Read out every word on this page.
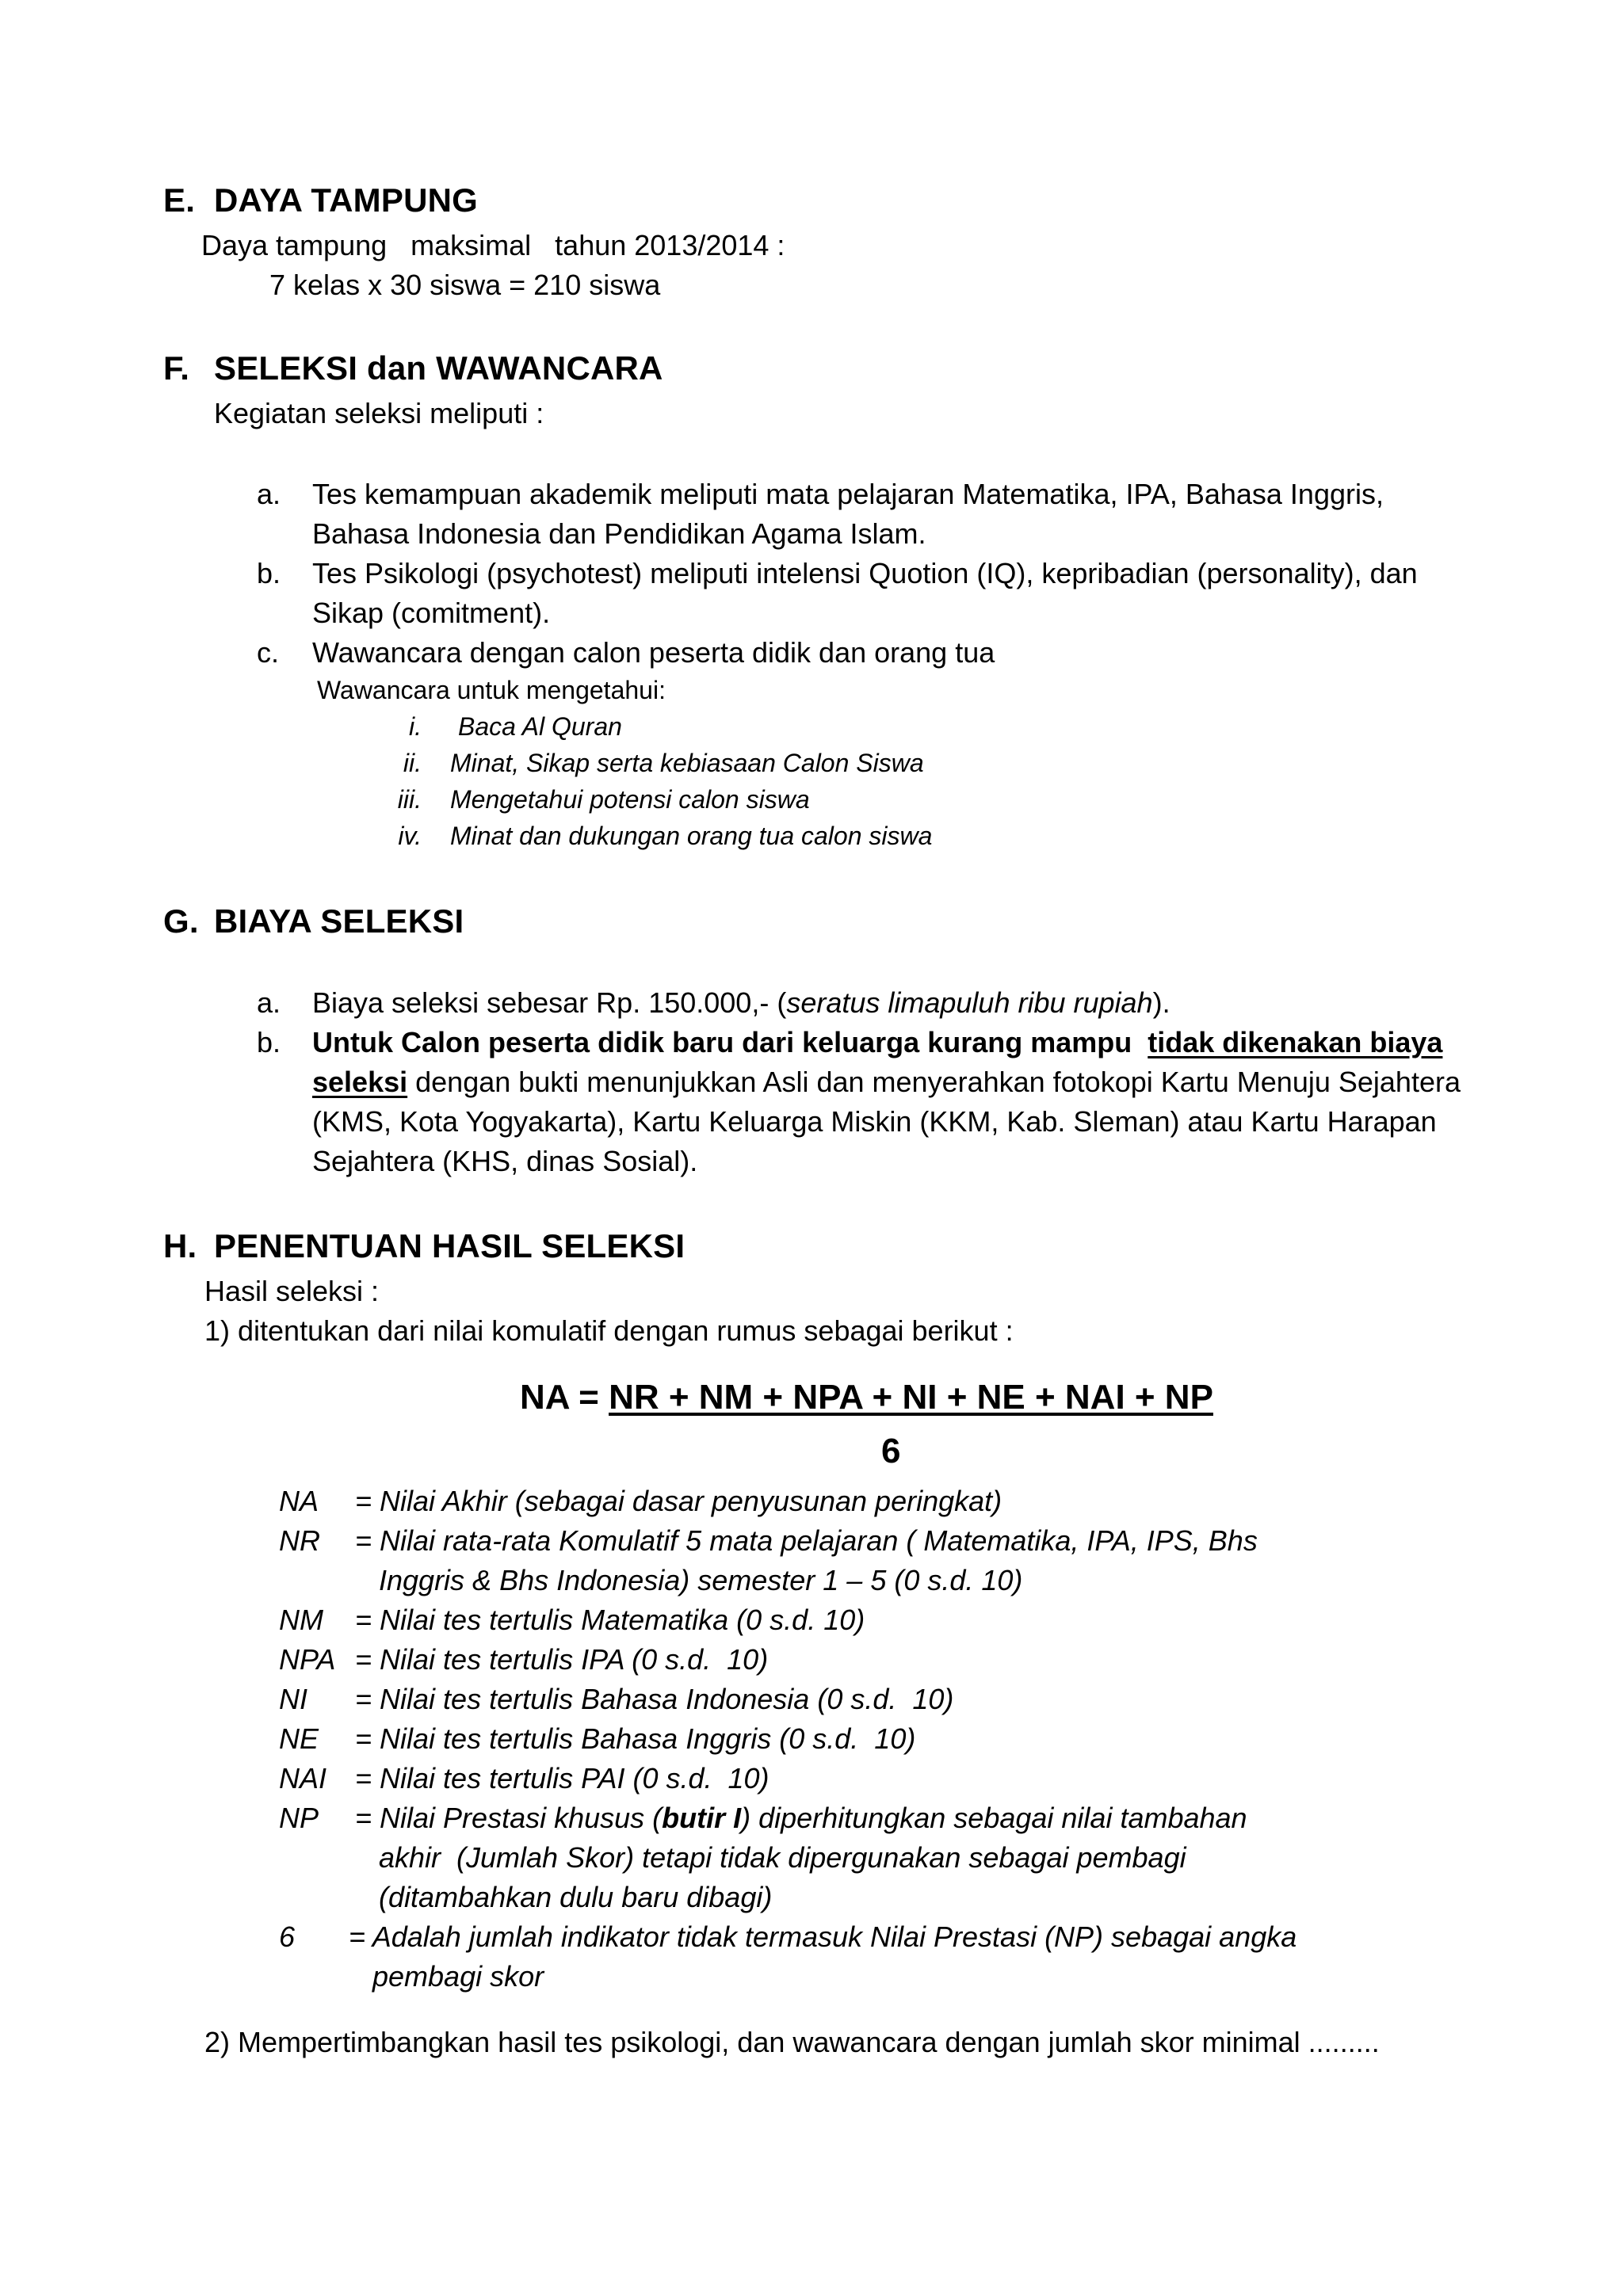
E. DAYA TAMPUNG
Daya tampung   maksimal   tahun 2013/2014 :
7 kelas x 30 siswa = 210 siswa
F. SELEKSI dan WAWANCARA
Kegiatan seleksi meliputi :
a. Tes kemampuan akademik meliputi mata pelajaran Matematika, IPA, Bahasa Inggris,
Bahasa Indonesia dan Pendidikan Agama Islam.
b. Tes Psikologi (psychotest) meliputi intelensi Quotion (IQ), kepribadian (personality), dan
Sikap (comitment).
c. Wawancara dengan calon peserta didik dan orang tua
Wawancara untuk mengetahui:
i. Baca Al Quran
ii. Minat, Sikap serta kebiasaan Calon Siswa
iii. Mengetahui potensi calon siswa
iv. Minat dan dukungan orang tua calon siswa
G. BIAYA SELEKSI
a. Biaya seleksi sebesar Rp. 150.000,- (seratus limapuluh ribu rupiah).
b. Untuk Calon peserta didik baru dari keluarga kurang mampu tidak dikenakan biaya
seleksi dengan bukti menunjukkan Asli dan menyerahkan fotokopi Kartu Menuju Sejahtera
(KMS, Kota Yogyakarta), Kartu Keluarga Miskin (KKM, Kab. Sleman) atau Kartu Harapan
Sejahtera (KHS, dinas Sosial).
H. PENENTUAN HASIL SELEKSI
Hasil seleksi :
1) ditentukan dari nilai komulatif dengan rumus sebagai berikut :
NA = NR + NM + NPA + NI + NE + NAI + NP
6
NA = Nilai Akhir (sebagai dasar penyusunan peringkat)
NR = Nilai rata-rata Komulatif 5 mata pelajaran ( Matematika, IPA, IPS, Bhs
Inggris & Bhs Indonesia) semester 1 – 5 (0 s.d. 10)
NM = Nilai tes tertulis Matematika (0 s.d. 10)
NPA = Nilai tes tertulis IPA (0 s.d.  10)
NI = Nilai tes tertulis Bahasa Indonesia (0 s.d.  10)
NE = Nilai tes tertulis Bahasa Inggris (0 s.d.  10)
NAI = Nilai tes tertulis PAI (0 s.d.  10)
NP = Nilai Prestasi khusus (butir I) diperhitungkan sebagai nilai tambahan
akhir  (Jumlah Skor) tetapi tidak dipergunakan sebagai pembagi
(ditambahkan dulu baru dibagi)
6 = Adalah jumlah indikator tidak termasuk Nilai Prestasi (NP) sebagai angka
pembagi skor
2) Mempertimbangkan hasil tes psikologi, dan wawancara dengan jumlah skor minimal .........
